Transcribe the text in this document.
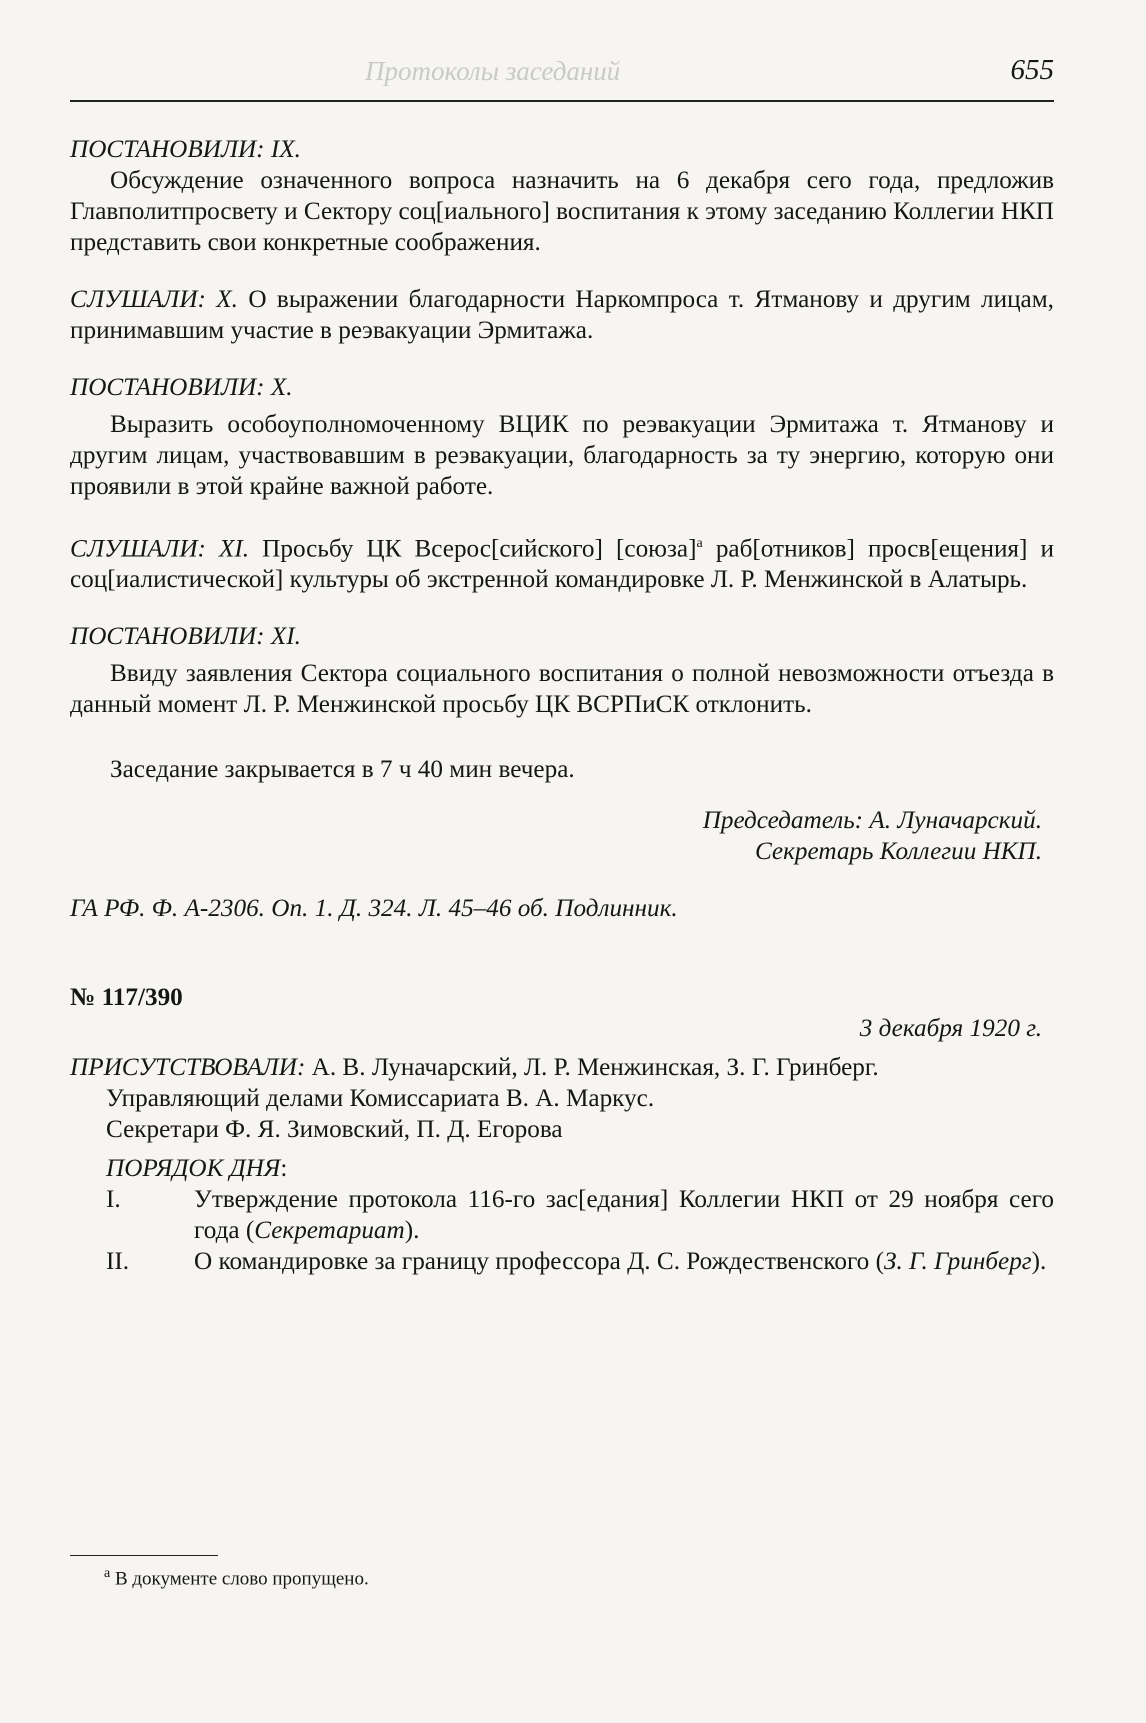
Протоколы заседаний	655

ПОСТАНОВИЛИ: IX.

Обсуждение означенного вопроса назначить на 6 декабря сего года, предложив Главполитпросвету и Сектору соц[иального] воспитания к этому заседанию Коллегии НКП представить свои конкретные соображения.

СЛУШАЛИ: X. О выражении благодарности Наркомпроса т. Ятманову и другим лицам, принимавшим участие в реэвакуации Эрмитажа.

ПОСТАНОВИЛИ: X.

Выразить особоуполномоченному ВЦИК по реэвакуации Эрмитажа т. Ятманову и другим лицам, участвовавшим в реэвакуации, благодарность за ту энергию, которую они проявили в этой крайне важной работе.

СЛУШАЛИ: XI. Просьбу ЦК Всерос[сийского] [союза]$^а$ раб[отников] просв[ещения] и соц[иалистической] культуры об экстренной командировке Л. Р. Менжинской в Алатырь.

ПОСТАНОВИЛИ: XI.

Ввиду заявления Сектора социального воспитания о полной невозможности отъезда в данный момент Л. Р. Менжинской просьбу ЦК ВСРПиСК отклонить.

Заседание закрывается в 7 ч 40 мин вечера.

Председатель: А. Луначарский.

Секретарь Коллегии НКП.

ГА РФ. Ф. А-2306. Оп. 1. Д. 324. Л. 45–46 об. Подлинник.

№ 117/390

3 декабря 1920 г.

ПРИСУТСТВОВАЛИ: А. В. Луначарский, Л. Р. Менжинская, З. Г. Гринберг.

Управляющий делами Комиссариата В. А. Маркус.

Секретари Ф. Я. Зимовский, П. Д. Егорова

ПОРЯДОК ДНЯ:

I.	Утверждение протокола 116-го зас[едания] Коллегии НКП от 29 ноября сего года (Секретариат).
II.	О командировке за границу профессора Д. С. Рождественского (З. Г. Гринберг).
$^а$ В документе слово пропущено.
